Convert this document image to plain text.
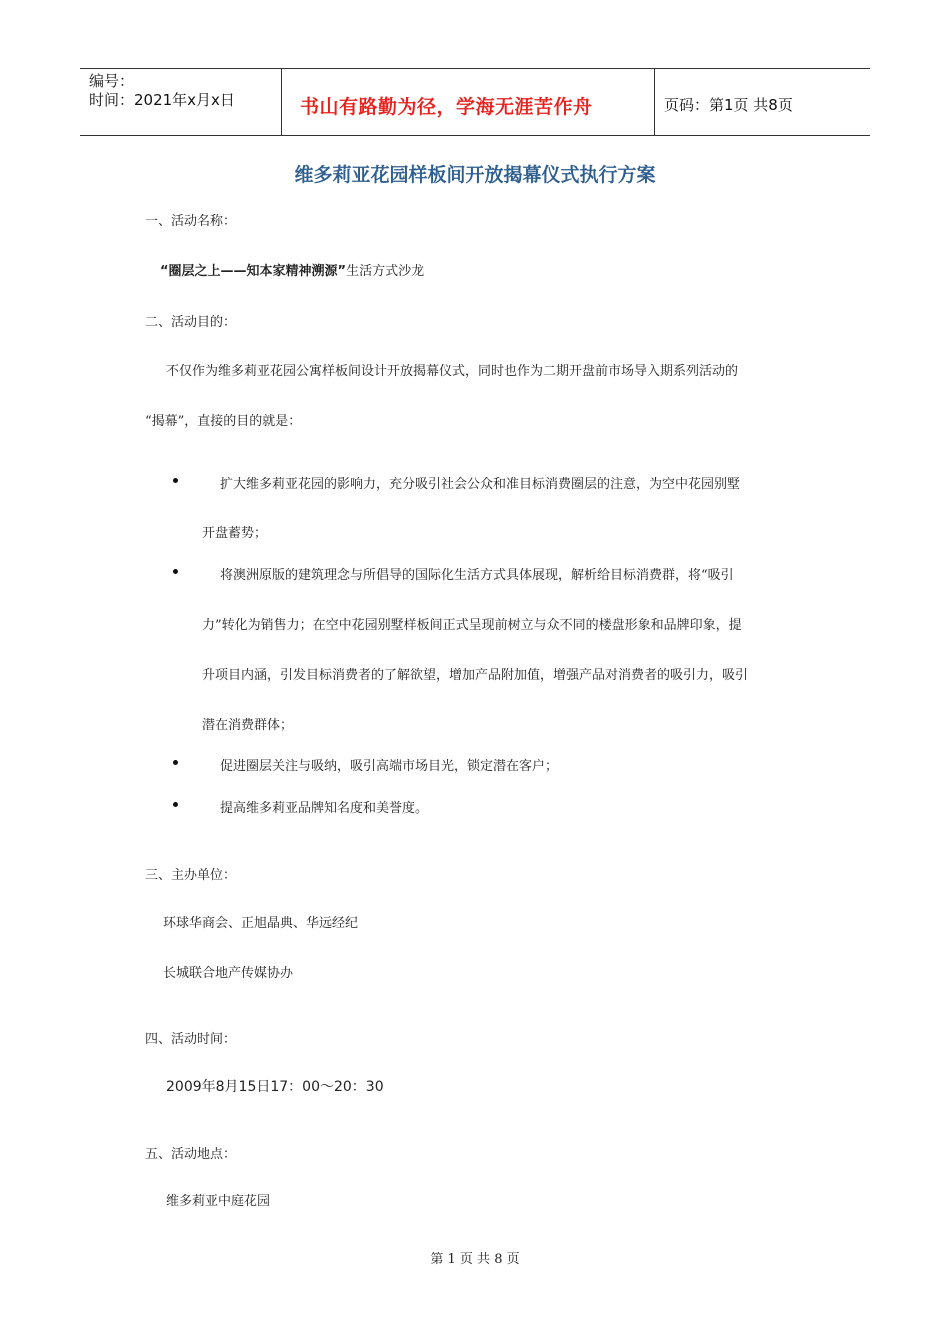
编号：
时间：2021年x月x日	书山有路勤为径，学海无涯苦作舟	页码：第1页 共8页
维多莉亚花园样板间开放揭幕仪式执行方案
一、活动名称：
“圈层之上——知本家精神溯源”生活方式沙龙
二、活动目的：
不仅作为维多莉亚花园公寓样板间设计开放揭幕仪式，同时也作为二期开盘前市场导入期系列活动的
“揭幕”，直接的目的就是：
扩大维多莉亚花园的影响力，充分吸引社会公众和准目标消费圈层的注意，为空中花园别墅
开盘蓄势；
将澳洲原版的建筑理念与所倡导的国际化生活方式具体展现，解析给目标消费群，将“吸引
力”转化为销售力；在空中花园别墅样板间正式呈现前树立与众不同的楼盘形象和品牌印象，提
升项目内涵，引发目标消费者的了解欲望，增加产品附加值，增强产品对消费者的吸引力，吸引
潜在消费群体；
促进圈层关注与吸纳，吸引高端市场目光，锁定潜在客户；
提高维多莉亚品牌知名度和美誉度。
三、主办单位：
环球华商会、正旭晶典、华远经纪
长城联合地产传媒协办
四、活动时间：
2009年8月15日17：00～20：30
五、活动地点：
维多莉亚中庭花园
第 1 页 共 8 页
